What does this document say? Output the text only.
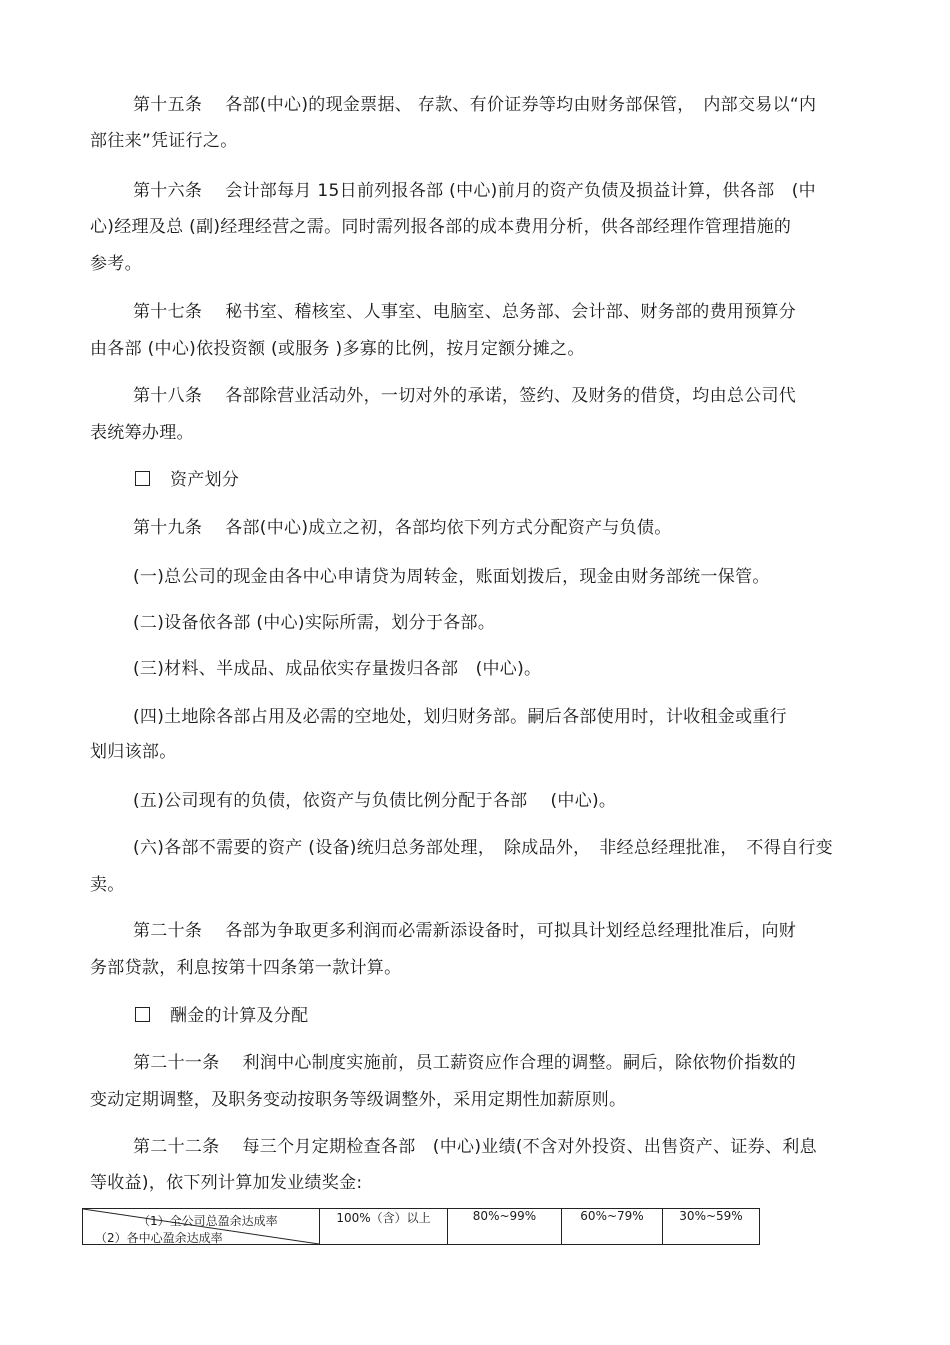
第十五条　 各部(中心)的现金票据、 存款、有价证券等均由财务部保管，　内部交易以“内
部往来”凭证行之。
第十六条　 会计部每月 15日前列报各部 (中心)前月的资产负债及损益计算，供各部　(中
心)经理及总 (副)经理经营之需。同时需列报各部的成本费用分析，供各部经理作管理措施的
参考。
第十七条　 秘书室、稽核室、人事室、电脑室、总务部、会计部、财务部的费用预算分
由各部 (中心)依投资额 (或服务 )多寡的比例，按月定额分摊之。
第十八条　 各部除营业活动外，一切对外的承诺，签约、及财务的借贷，均由总公司代
表统筹办理。
资产划分
第十九条　 各部(中心)成立之初，各部均依下列方式分配资产与负债。
(一)总公司的现金由各中心申请贷为周转金，账面划拨后，现金由财务部统一保管。
(二)设备依各部 (中心)实际所需，划分于各部。
(三)材料、半成品、成品依实存量拨归各部　(中心)。
(四)土地除各部占用及必需的空地处，划归财务部。嗣后各部使用时，计收租金或重行
划归该部。
(五)公司现有的负债，依资产与负债比例分配于各部　 (中心)。
(六)各部不需要的资产 (设备)统归总务部处理，　除成品外，　非经总经理批准，　不得自行变
卖。
第二十条　 各部为争取更多利润而必需新添设备时，可拟具计划经总经理批准后，向财
务部贷款，利息按第十四条第一款计算。
酬金的计算及分配
第二十一条　 利润中心制度实施前，员工薪资应作合理的调整。嗣后，除依物价指数的
变动定期调整，及职务变动按职务等级调整外，采用定期性加薪原则。
第二十二条　 每三个月定期检查各部　(中心)业绩(不含对外投资、出售资产、证券、利息
等收益)，依下列计算加发业绩奖金:
（1）全公司总盈余达成率
（2）各中心盈余达成率
	100%（含）以上	80%~99%	60%~79%	30%~59%
